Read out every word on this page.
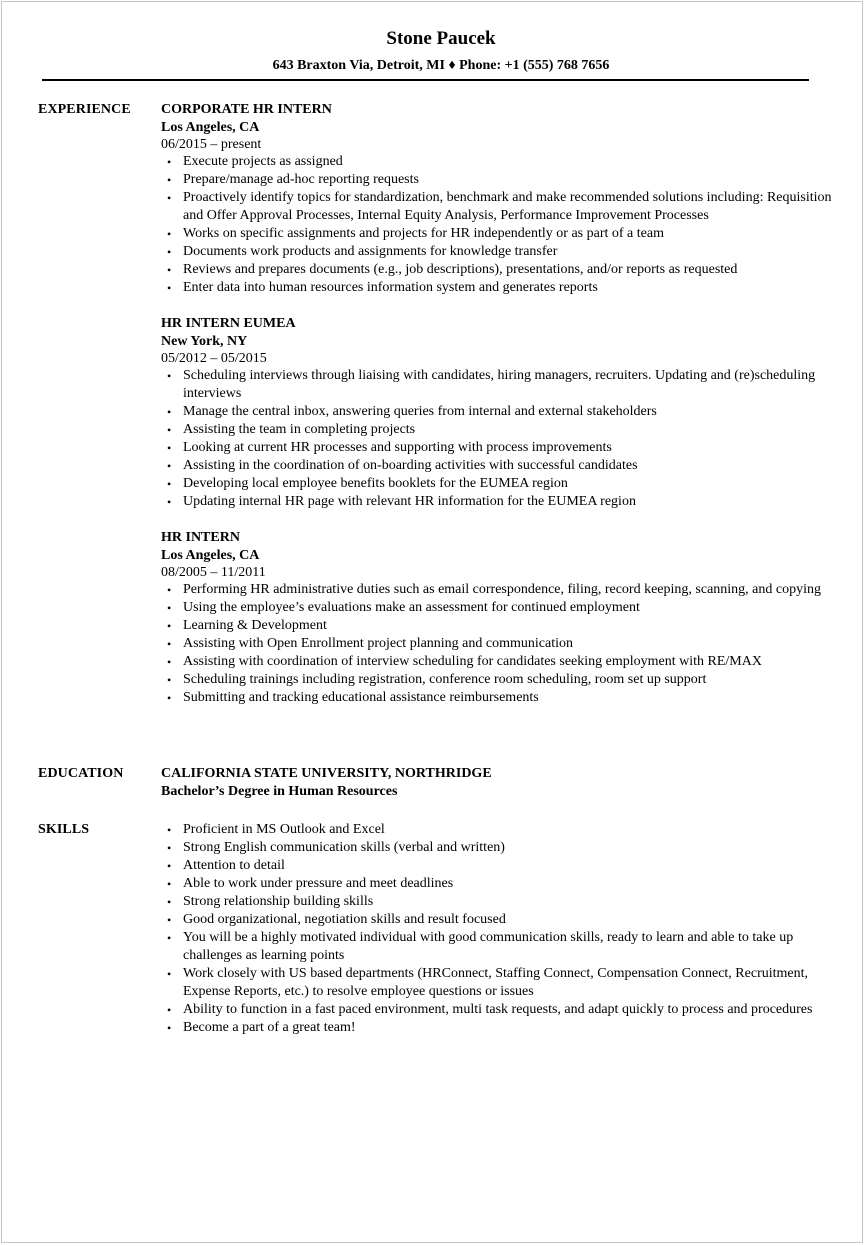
Stone Paucek
643 Braxton Via, Detroit, MI ♦ Phone: +1 (555) 768 7656
EXPERIENCE CORPORATE HR INTERN
Los Angeles, CA
06/2015 – present
• Execute projects as assigned
• Prepare/manage ad-hoc reporting requests
• Proactively identify topics for standardization, benchmark and make recommended solutions including: Requisition and Offer Approval Processes, Internal Equity Analysis, Performance Improvement Processes
• Works on specific assignments and projects for HR independently or as part of a team
• Documents work products and assignments for knowledge transfer
• Reviews and prepares documents (e.g., job descriptions), presentations, and/or reports as requested
• Enter data into human resources information system and generates reports
HR INTERN EUMEA
New York, NY
05/2012 – 05/2015
• Scheduling interviews through liaising with candidates, hiring managers, recruiters. Updating and (re)scheduling interviews
• Manage the central inbox, answering queries from internal and external stakeholders
• Assisting the team in completing projects
• Looking at current HR processes and supporting with process improvements
• Assisting in the coordination of on-boarding activities with successful candidates
• Developing local employee benefits booklets for the EUMEA region
• Updating internal HR page with relevant HR information for the EUMEA region
HR INTERN
Los Angeles, CA
08/2005 – 11/2011
• Performing HR administrative duties such as email correspondence, filing, record keeping, scanning, and copying
• Using the employee’s evaluations make an assessment for continued employment
• Learning & Development
• Assisting with Open Enrollment project planning and communication
• Assisting with coordination of interview scheduling for candidates seeking employment with RE/MAX
• Scheduling trainings including registration, conference room scheduling, room set up support
• Submitting and tracking educational assistance reimbursements
EDUCATION	CALIFORNIA STATE UNIVERSITY, NORTHRIDGE
Bachelor’s Degree in Human Resources
SKILLS	• Proficient in MS Outlook and Excel
• Strong English communication skills (verbal and written)
• Attention to detail
• Able to work under pressure and meet deadlines
• Strong relationship building skills
• Good organizational, negotiation skills and result focused
• You will be a highly motivated individual with good communication skills, ready to learn and able to take up challenges as learning points
• Work closely with US based departments (HRConnect, Staffing Connect, Compensation Connect, Recruitment, Expense Reports, etc.) to resolve employee questions or issues
• Ability to function in a fast paced environment, multi task requests, and adapt quickly to process and procedures
• Become a part of a great team!
